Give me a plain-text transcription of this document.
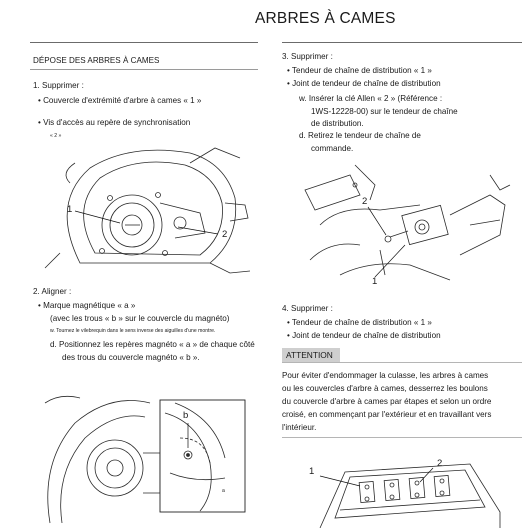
ARBRES À CAMES
DÉPOSE DES ARBRES À CAMES
1. Supprimer :
• Couvercle d'extrémité d'arbre à cames « 1 »
• Vis d'accès au repère de synchronisation
« 2 »
1
2
2. Aligner :
• Marque magnétique « a »
(avec les trous « b » sur le couvercle du magnéto)
w. Tournez le vilebrequin dans le sens inverse des aiguilles d'une montre.
d. Positionnez les repères magnéto « a » de chaque côté
des trous du couvercle magnéto « b ».
b
a
3. Supprimer :
• Tendeur de chaîne de distribution « 1 »
• Joint de tendeur de chaîne de distribution
w. Insérer la clé Allen « 2 » (Référence :
1WS-12228-00) sur le tendeur de chaîne
de distribution.
d. Retirez le tendeur de chaîne de
commande.
2
1
4. Supprimer :
• Tendeur de chaîne de distribution « 1 »
• Joint de tendeur de chaîne de distribution
ATTENTION
Pour éviter d'endommager la culasse, les arbres à cames
ou les couvercles d'arbre à cames, desserrez les boulons
du couvercle d'arbre à cames par étapes et selon un ordre
croisé, en commençant par l'extérieur et en travaillant vers
l'intérieur.
1
2
